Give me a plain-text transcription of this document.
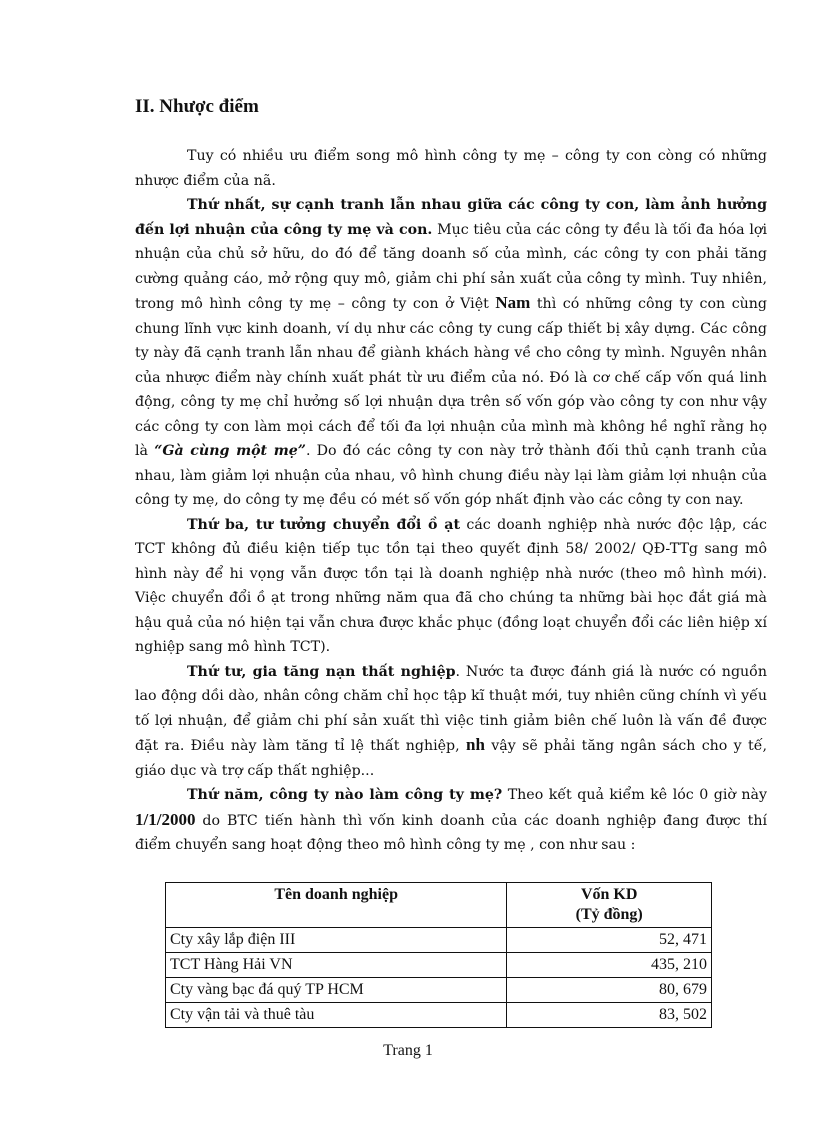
II. Nhược điểm

Tuy có nhiều ưu điểm song mô hình công ty mẹ – công ty con còng có những nhược điểm của nã.

Thứ nhất, sự cạnh tranh lẫn nhau giữa các công ty con, làm ảnh hưởng đến lợi nhuận của công ty mẹ và con. Mục tiêu của các công ty đều là tối đa hóa lợi nhuận của chủ sở hữu, do đó để tăng doanh số của mình, các công ty con phải tăng cường quảng cáo, mở rộng quy mô, giảm chi phí sản xuất của công ty mình. Tuy nhiên, trong mô hình công ty mẹ – công ty con ở Việt Nam thì có những công ty con cùng chung lĩnh vực kinh doanh, ví dụ như các công ty cung cấp thiết bị xây dựng. Các công ty này đã cạnh tranh lẫn nhau để giành khách hàng về cho công ty mình. Nguyên nhân của nhược điểm này chính xuất phát từ ưu điểm của nó. Đó là cơ chế cấp vốn quá linh động, công ty mẹ chỉ hưởng số lợi nhuận dựa trên số vốn góp vào công ty con như vậy các công ty con làm mọi cách để tối đa lợi nhuận của mình mà không hề nghĩ rằng họ là “Gà cùng một mẹ”. Do đó các công ty con này trở thành đối thủ cạnh tranh của nhau, làm giảm lợi nhuận của nhau, vô hình chung điều này lại làm giảm lợi nhuận của công ty mẹ, do công ty mẹ đều có mét số vốn góp nhất định vào các công ty con nay.

Thứ ba, tư tưởng chuyển đổi ồ ạt các doanh nghiệp nhà nước độc lập, các TCT không đủ điều kiện tiếp tục tồn tại theo quyết định 58/ 2002/ QĐ-TTg sang mô hình này để hi vọng vẫn được tồn tại là doanh nghiệp nhà nước (theo mô hình mới). Việc chuyển đổi ồ ạt trong những năm qua đã cho chúng ta những bài học đắt giá mà hậu quả của nó hiện tại vẫn chưa được khắc phục (đồng loạt chuyển đổi các liên hiệp xí nghiệp sang mô hình TCT).

Thứ tư, gia tăng nạn thất nghiệp. Nước ta được đánh giá là nước có nguồn lao động dồi dào, nhân công chăm chỉ học tập kĩ thuật mới, tuy nhiên cũng chính vì yếu tố lợi nhuận, để giảm chi phí sản xuất thì việc tinh giảm biên chế luôn là vấn đề được đặt ra. Điều này làm tăng tỉ lệ thất nghiệp, nh vậy sẽ phải tăng ngân sách cho y tế, giáo dục và trợ cấp thất nghiệp...

Thứ năm, công ty nào làm công ty mẹ? Theo kết quả kiểm kê lóc 0 giờ này 1/1/2000 do BTC tiến hành thì vốn kinh doanh của các doanh nghiệp đang được thí điểm chuyển sang hoạt động theo mô hình công ty mẹ , con như sau :

Tên doanh nghiệp	Vốn KD
(Tỷ đồng)
Cty xây lắp điện III	52, 471
TCT Hàng Hải VN	435, 210
Cty vàng bạc đá quý TP HCM	80, 679
Cty vận tải và thuê tàu	83, 502
Trang 1
